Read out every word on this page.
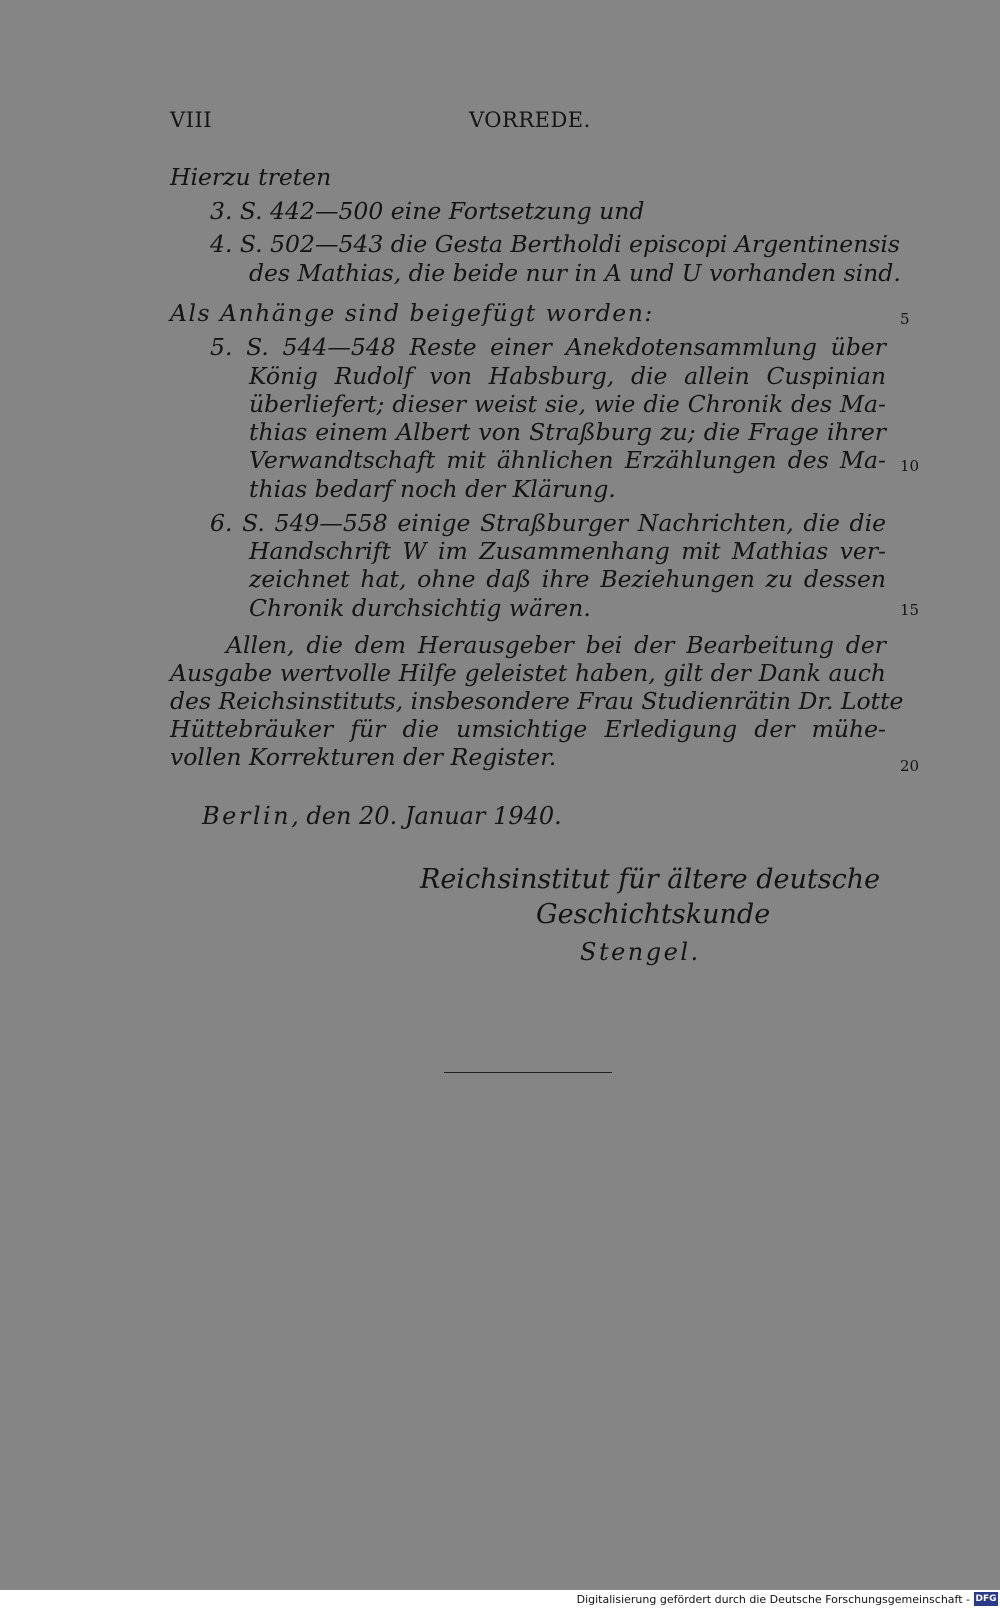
VIII	VORREDE.
Hierzu treten
3. S. 442—500 eine Fortsetzung und
4. S. 502—543 die Gesta Bertholdi episcopi Argentinensis
des Mathias, die beide nur in A und U vorhanden sind.
Als Anhänge sind beigefügt worden:
5. S. 544—548 Reste einer Anekdotensammlung über
König Rudolf von Habsburg, die allein Cuspinian
überliefert; dieser weist sie, wie die Chronik des Ma-
thias einem Albert von Straßburg zu; die Frage ihrer
Verwandtschaft mit ähnlichen Erzählungen des Ma-
thias bedarf noch der Klärung.
6. S. 549—558 einige Straßburger Nachrichten, die die
Handschrift W im Zusammenhang mit Mathias ver-
zeichnet hat, ohne daß ihre Beziehungen zu dessen
Chronik durchsichtig wären.
Allen, die dem Herausgeber bei der Bearbeitung der
Ausgabe wertvolle Hilfe geleistet haben, gilt der Dank auch
des Reichsinstituts, insbesondere Frau Studienrätin Dr. Lotte
Hüttebräuker für die umsichtige Erledigung der mühe-
vollen Korrekturen der Register.
5
10
15
20
Berlin, den 20. Januar 1940.
Reichsinstitut für ältere deutsche
Geschichtskunde
Stengel.
Digitalisierung gefördert durch die Deutsche Forschungsgemeinschaft - DFG
